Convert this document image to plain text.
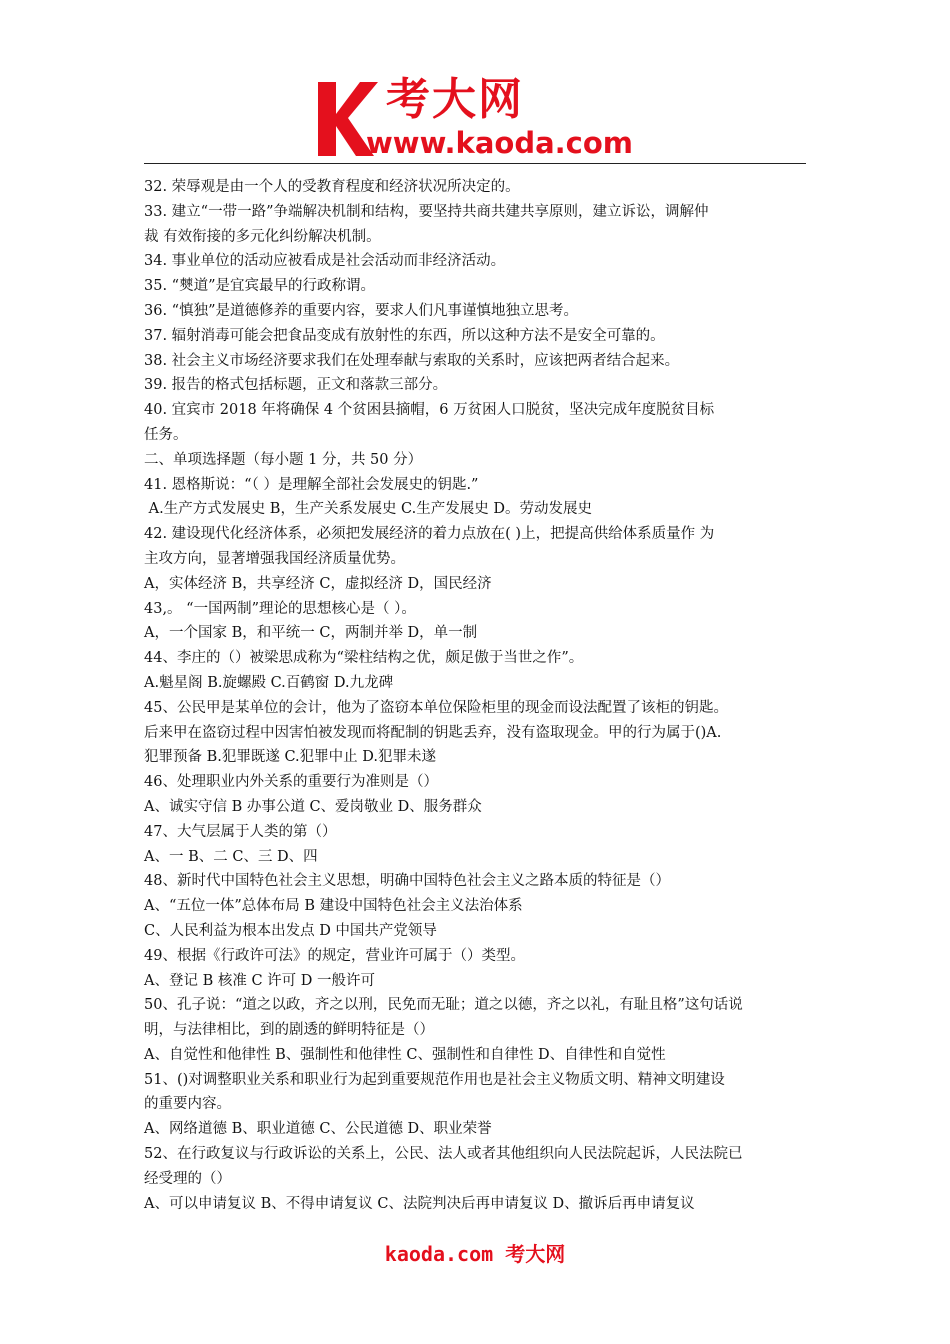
考大网
www.kaoda.com

32. 荣辱观是由一个人的受教育程度和经济状况所决定的。

33. 建立“一带一路”争端解决机制和结构，要坚持共商共建共享原则，建立诉讼，调解仲

裁 有效衔接的多元化纠纷解决机制。

34. 事业单位的活动应被看成是社会活动而非经济活动。

35. “僰道”是宜宾最早的行政称谓。

36. “慎独”是道德修养的重要内容，要求人们凡事谨慎地独立思考。

37. 辐射消毒可能会把食品变成有放射性的东西，所以这种方法不是安全可靠的。

38. 社会主义市场经济要求我们在处理奉献与索取的关系时，应该把两者结合起来。

39. 报告的格式包括标题，正文和落款三部分。

40. 宜宾市 2018 年将确保 4 个贫困县摘帽，6 万贫困人口脱贫，坚决完成年度脱贫目标

任务。

二、单项选择题（每小题 1 分，共 50 分）

41. 恩格斯说：“（ ）是理解全部社会发展史的钥匙.”

A.生产方式发展史 B，生产关系发展史 C.生产发展史 D。劳动发展史

42. 建设现代化经济体系，必须把发展经济的着力点放在( )上，把提高供给体系质量作 为

主攻方向，显著增强我国经济质量优势。

A，实体经济 B，共享经济 C，虚拟经济 D，国民经济

43,。 “一国两制”理论的思想核心是（ ）。

A，一个国家 B，和平统一 C，两制并举 D，单一制

44、李庄的（）被梁思成称为“梁柱结构之优，颇足傲于当世之作”。

A.魁星阁 B.旋螺殿 C.百鹤窗 D.九龙碑

45、公民甲是某单位的会计，他为了盗窃本单位保险柜里的现金而设法配置了该柜的钥匙。

后来甲在盗窃过程中因害怕被发现而将配制的钥匙丢弃，没有盗取现金。甲的行为属于()A.

犯罪预备 B.犯罪既遂 C.犯罪中止 D.犯罪未遂

46、处理职业内外关系的重要行为准则是（）

A、诚实守信 B 办事公道 C、爱岗敬业 D、服务群众

47、大气层属于人类的第（）

A、一 B、二 C、三 D、四

48、新时代中国特色社会主义思想，明确中国特色社会主义之路本质的特征是（）

A、“五位一体”总体布局 B 建设中国特色社会主义法治体系

C、人民利益为根本出发点 D 中国共产党领导

49、根据《行政许可法》的规定，营业许可属于（）类型。

A、登记 B 核准 C 许可 D 一般许可

50、孔子说：“道之以政，齐之以刑，民免而无耻；道之以德，齐之以礼，有耻且格”这句话说

明，与法律相比，到的剧透的鲜明特征是（）

A、自觉性和他律性 B、强制性和他律性 C、强制性和自律性 D、自律性和自觉性

51、()对调整职业关系和职业行为起到重要规范作用也是社会主义物质文明、精神文明建设

的重要内容。

A、网络道德 B、职业道德 C、公民道德 D、职业荣誉

52、在行政复议与行政诉讼的关系上，公民、法人或者其他组织向人民法院起诉，人民法院已

经受理的（）

A、可以申请复议 B、不得申请复议 C、法院判决后再申请复议 D、撤诉后再申请复议

kaoda.com 考大网
